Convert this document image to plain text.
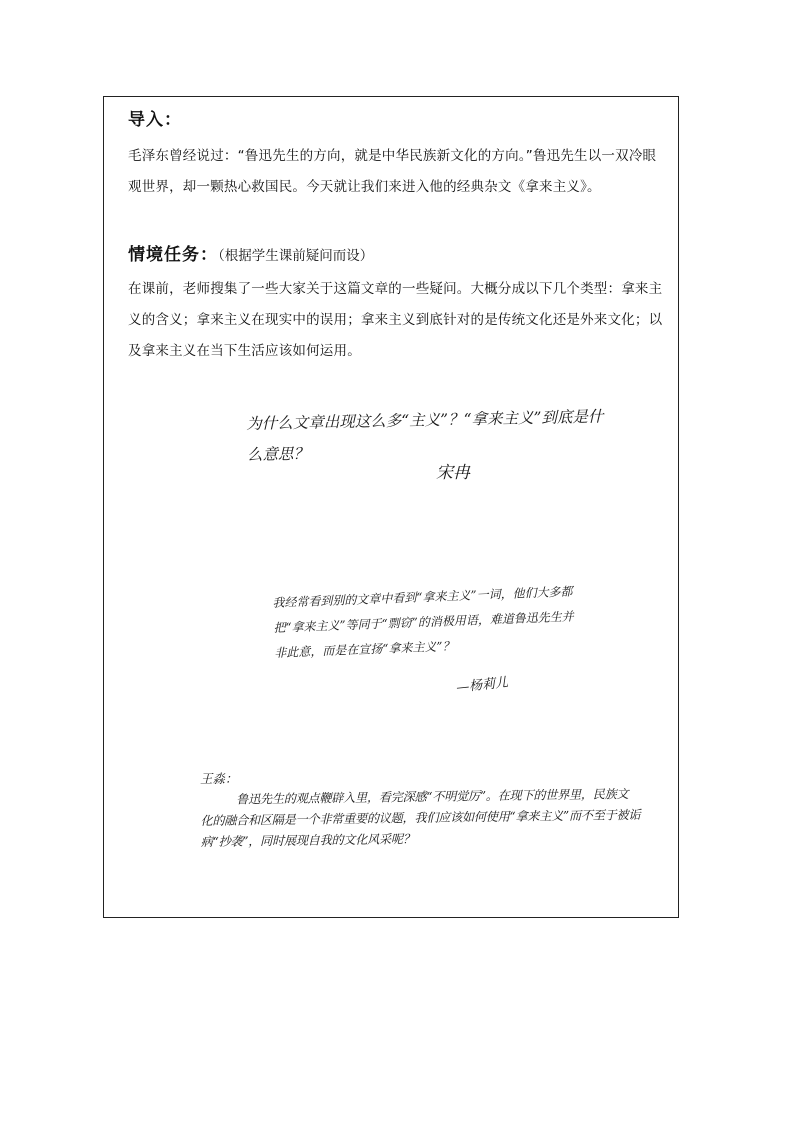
导入：
毛泽东曾经说过：“鲁迅先生的方向，就是中华民族新文化的方向。”鲁迅先生以一双冷眼观世界，却一颗热心救国民。今天就让我们来进入他的经典杂文《拿来主义》。
情境任务：（根据学生课前疑问而设）
在课前，老师搜集了一些大家关于这篇文章的一些疑问。大概分成以下几个类型：拿来主义的含义；拿来主义在现实中的误用；拿来主义到底针对的是传统文化还是外来文化；以及拿来主义在当下生活应该如何运用。
为什么文章出现这么多“主义”？“拿来主义”到底是什么意思？
宋冉
我经常看到别的文章中看到“拿来主义”一词，他们大多都把“拿来主义”等同于“剽窃”的消极用语，难道鲁迅先生并非此意，而是在宣扬“拿来主义”？
—杨莉儿
王淼：
鲁迅先生的观点鞭辟入里，看完深感“不明觉厉”。在现下的世界里，民族文化的融合和区隔是一个非常重要的议题，我们应该如何使用“拿来主义”而不至于被诟病“抄袭”，同时展现自我的文化风采呢？
